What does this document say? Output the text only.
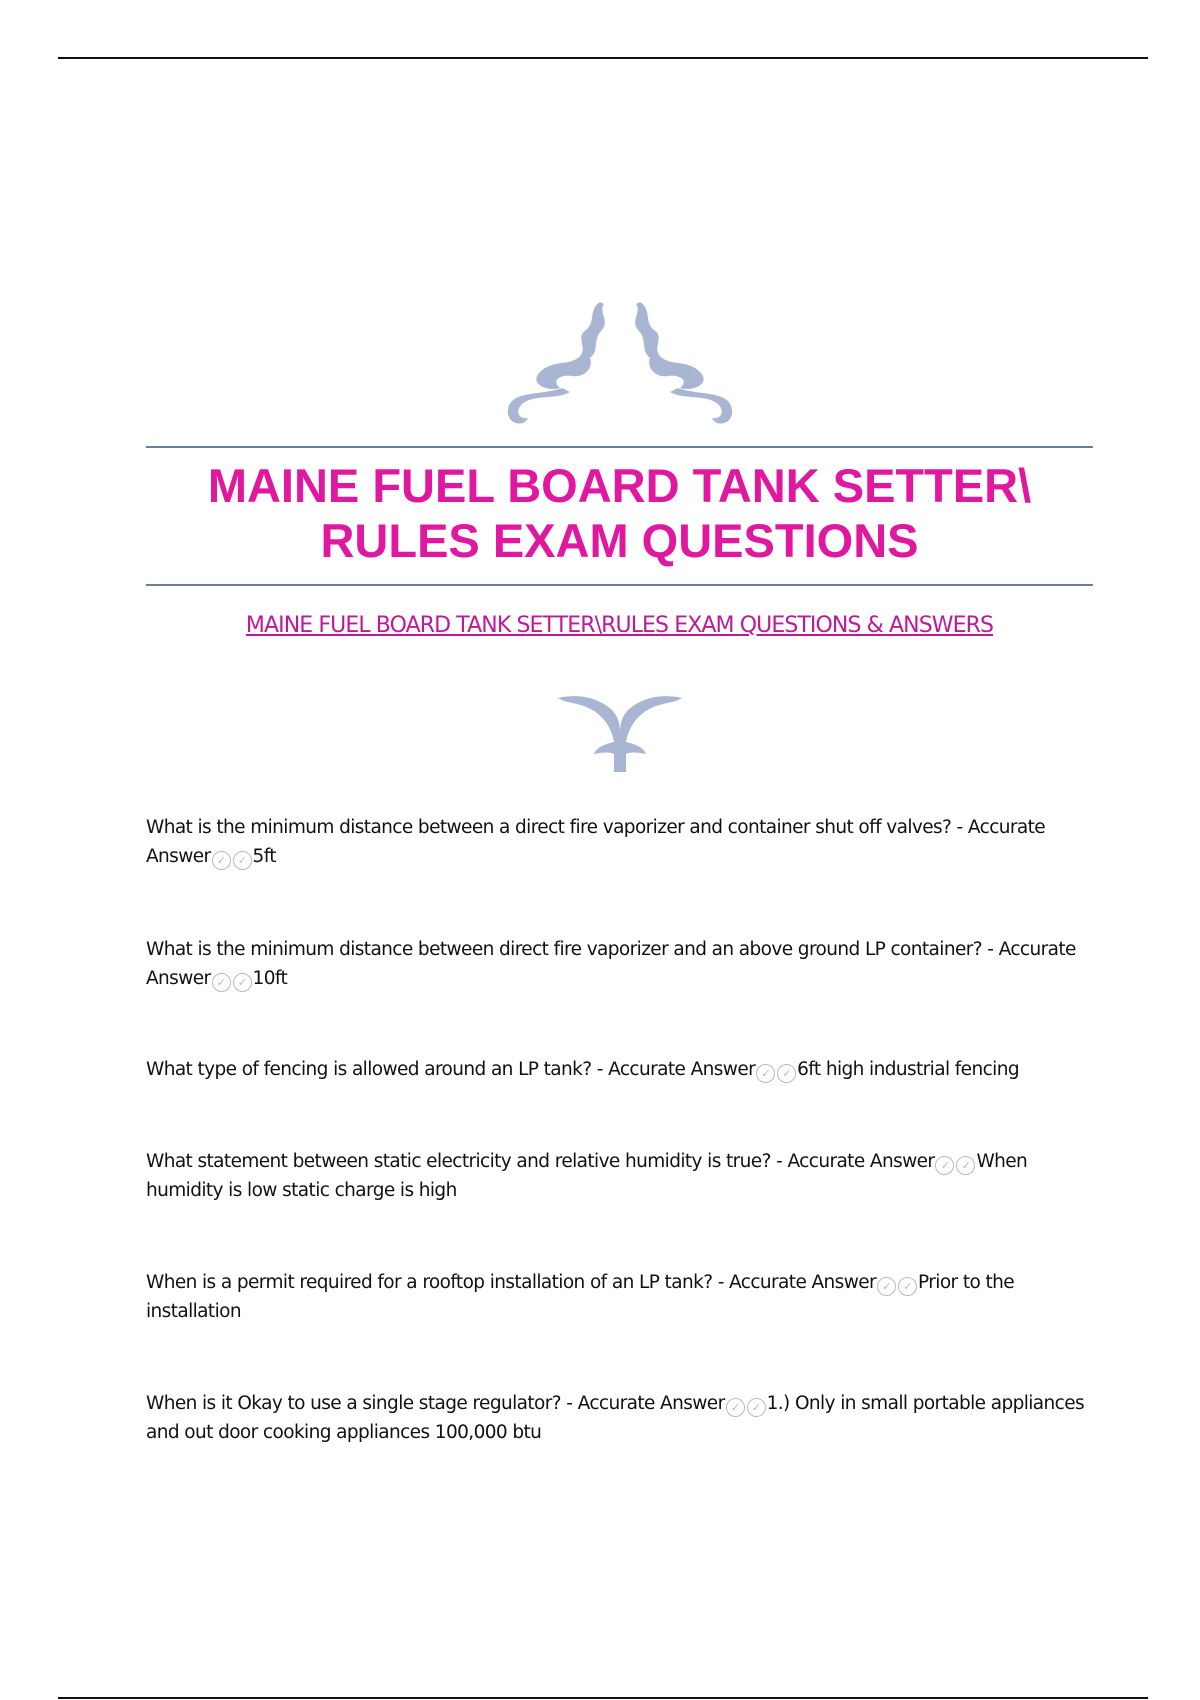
MAINE FUEL BOARD TANK SETTER\
RULES EXAM QUESTIONS
MAINE FUEL BOARD TANK SETTER\RULES EXAM QUESTIONS & ANSWERS
What is the minimum distance between a direct fire vaporizer and container shut off valves? - Accurate Answer ✓ ✓ 5ft
What is the minimum distance between direct fire vaporizer and an above ground LP container? - Accurate Answer ✓ ✓ 10ft
What type of fencing is allowed around an LP tank? - Accurate Answer ✓ ✓ 6ft high industrial fencing
What statement between static electricity and relative humidity is true? - Accurate Answer ✓ ✓ When humidity is low static charge is high
When is a permit required for a rooftop installation of an LP tank? - Accurate Answer ✓ ✓ Prior to the installation
When is it Okay to use a single stage regulator? - Accurate Answer ✓ ✓ 1.) Only in small portable appliances and out door cooking appliances 100,000 btu
